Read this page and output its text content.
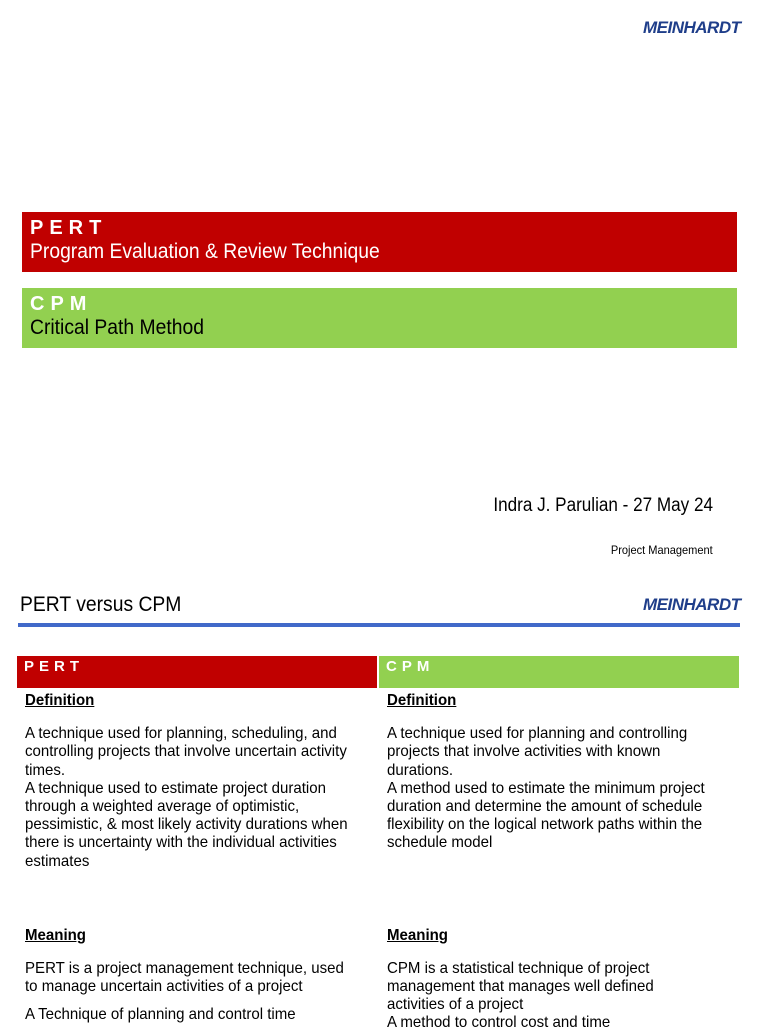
MEINHARDT
PERT
Program Evaluation & Review Technique
CPM
Critical Path Method
Indra J. Parulian - 27 May 24
Project Management
PERT versus CPM	MEINHARDT
PERT	CPM
Definition
A technique used for planning, scheduling, and controlling projects that involve uncertain activity times.
A technique used to estimate project duration through a weighted average of optimistic, pessimistic, & most likely activity durations when there is uncertainty with the individual activities estimates
Meaning
PERT is a project management technique, used to manage uncertain activities of a project
A Technique of planning and control time
Definition
A technique used for planning and controlling projects that involve activities with known durations.
A method used to estimate the minimum project duration and determine the amount of schedule flexibility on the logical network paths within the schedule model
Meaning
CPM is a statistical technique of project management that manages well defined activities of a project
A method to control cost and time
